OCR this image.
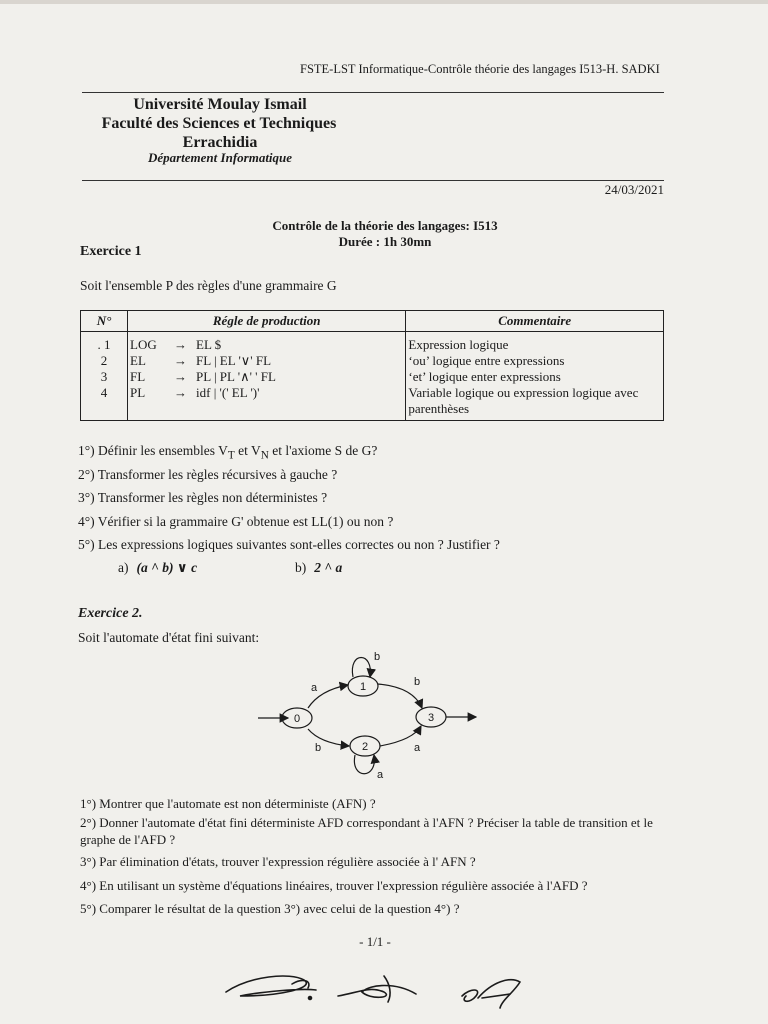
FSTE-LST Informatique-Contrôle théorie des langages I513-H. SADKI
Université Moulay Ismail
Faculté des Sciences et Techniques
Errachidia
Département Informatique
24/03/2021
Contrôle de la théorie des langages: I513
Durée : 1h 30mn
Exercice 1
Soit l'ensemble P des règles d'une grammaire G
N°	Régle de production		Commentaire
. 1	LOG	→ EL $	Expression logique
2	EL	→ FL | EL '∨' FL	‘ou’ logique entre expressions
3	FL	→ PL | PL '∧' ' FL	‘et’ logique enter expressions
4	PL	→ idf | '(' EL ')'	Variable logique ou expression logique avec parenthèses
1°) Définir les ensembles $V_T$ et $V_N$ et l'axiome S de G?
2°) Transformer les règles récursives à gauche ?
3°) Transformer les règles non déterministes ?
4°) Vérifier si la grammaire G' obtenue est LL(1) ou non ?
5°) Les expressions logiques suivantes sont-elles correctes ou non ? Justifier ?
a) (a ^ b) ∨ c	b) 2 ^ a
Exercice 2.
Soit l'automate d'état fini suivant:
0
1
2
3
a
b
b
a
b
a
1°) Montrer que l'automate est non déterministe (AFN) ?
2°) Donner l'automate d'état fini déterministe AFD correspondant à l'AFN ? Préciser la table de transition et le graphe de l'AFD ?
3°) Par élimination d'états, trouver l'expression régulière associée à l' AFN ?
4°) En utilisant un système d'équations linéaires, trouver l'expression régulière associée à l'AFD ?
5°) Comparer le résultat de la question 3°) avec celui de la question 4°) ?
- 1/1 -
